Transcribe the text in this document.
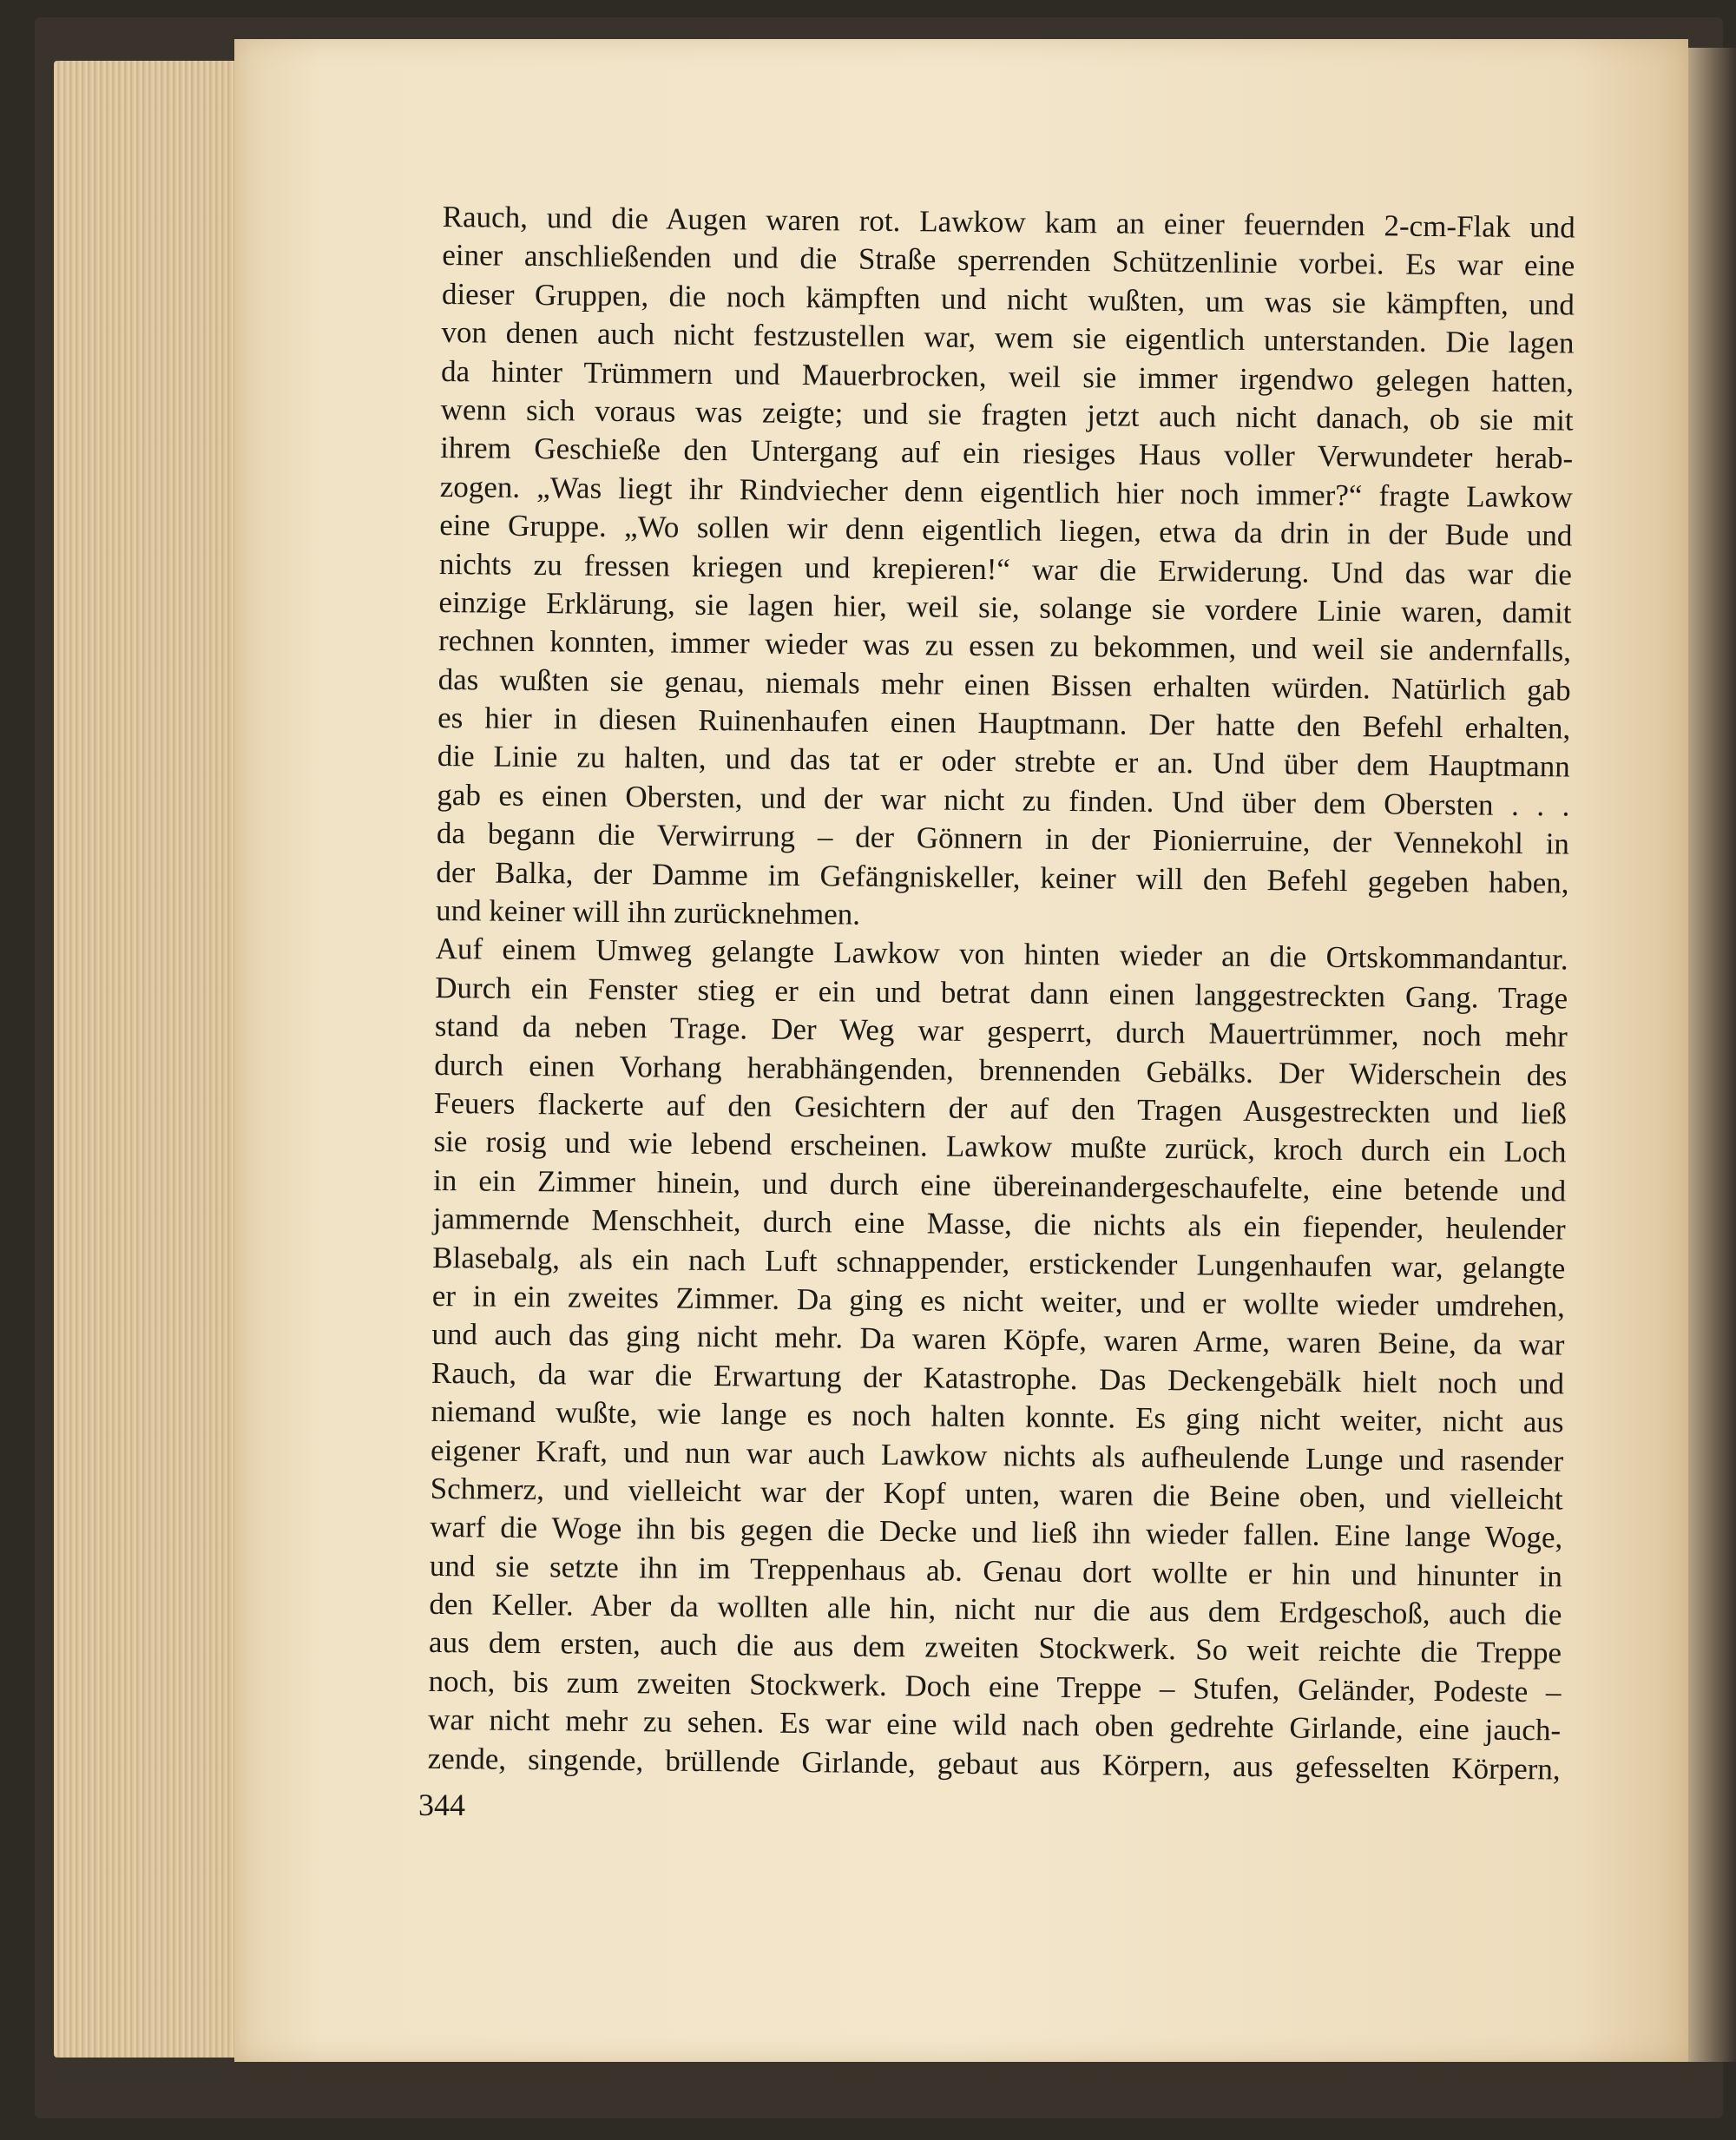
Rauch, und die Augen waren rot. Lawkow kam an einer feuernden 2-cm-Flak und
einer anschließenden und die Straße sperrenden Schützenlinie vorbei. Es war eine
dieser Gruppen, die noch kämpften und nicht wußten, um was sie kämpften, und
von denen auch nicht festzustellen war, wem sie eigentlich unterstanden. Die lagen
da hinter Trümmern und Mauerbrocken, weil sie immer irgendwo gelegen hatten,
wenn sich voraus was zeigte; und sie fragten jetzt auch nicht danach, ob sie mit
ihrem Geschieße den Untergang auf ein riesiges Haus voller Verwundeter herab-
zogen. „Was liegt ihr Rindviecher denn eigentlich hier noch immer?“ fragte Lawkow
eine Gruppe. „Wo sollen wir denn eigentlich liegen, etwa da drin in der Bude und
nichts zu fressen kriegen und krepieren!“ war die Erwiderung. Und das war die
einzige Erklärung, sie lagen hier, weil sie, solange sie vordere Linie waren, damit
rechnen konnten, immer wieder was zu essen zu bekommen, und weil sie andernfalls,
das wußten sie genau, niemals mehr einen Bissen erhalten würden. Natürlich gab
es hier in diesen Ruinenhaufen einen Hauptmann. Der hatte den Befehl erhalten,
die Linie zu halten, und das tat er oder strebte er an. Und über dem Hauptmann
gab es einen Obersten, und der war nicht zu finden. Und über dem Obersten . . .
da begann die Verwirrung – der Gönnern in der Pionierruine, der Vennekohl in
der Balka, der Damme im Gefängniskeller, keiner will den Befehl gegeben haben,
und keiner will ihn zurücknehmen.
Auf einem Umweg gelangte Lawkow von hinten wieder an die Ortskommandantur.
Durch ein Fenster stieg er ein und betrat dann einen langgestreckten Gang. Trage
stand da neben Trage. Der Weg war gesperrt, durch Mauertrümmer, noch mehr
durch einen Vorhang herabhängenden, brennenden Gebälks. Der Widerschein des
Feuers flackerte auf den Gesichtern der auf den Tragen Ausgestreckten und ließ
sie rosig und wie lebend erscheinen. Lawkow mußte zurück, kroch durch ein Loch
in ein Zimmer hinein, und durch eine übereinandergeschaufelte, eine betende und
jammernde Menschheit, durch eine Masse, die nichts als ein fiepender, heulender
Blasebalg, als ein nach Luft schnappender, erstickender Lungenhaufen war, gelangte
er in ein zweites Zimmer. Da ging es nicht weiter, und er wollte wieder umdrehen,
und auch das ging nicht mehr. Da waren Köpfe, waren Arme, waren Beine, da war
Rauch, da war die Erwartung der Katastrophe. Das Deckengebälk hielt noch und
niemand wußte, wie lange es noch halten konnte. Es ging nicht weiter, nicht aus
eigener Kraft, und nun war auch Lawkow nichts als aufheulende Lunge und rasender
Schmerz, und vielleicht war der Kopf unten, waren die Beine oben, und vielleicht
warf die Woge ihn bis gegen die Decke und ließ ihn wieder fallen. Eine lange Woge,
und sie setzte ihn im Treppenhaus ab. Genau dort wollte er hin und hinunter in
den Keller. Aber da wollten alle hin, nicht nur die aus dem Erdgeschoß, auch die
aus dem ersten, auch die aus dem zweiten Stockwerk. So weit reichte die Treppe
noch, bis zum zweiten Stockwerk. Doch eine Treppe – Stufen, Geländer, Podeste –
war nicht mehr zu sehen. Es war eine wild nach oben gedrehte Girlande, eine jauch-
zende, singende, brüllende Girlande, gebaut aus Körpern, aus gefesselten Körpern,
344
